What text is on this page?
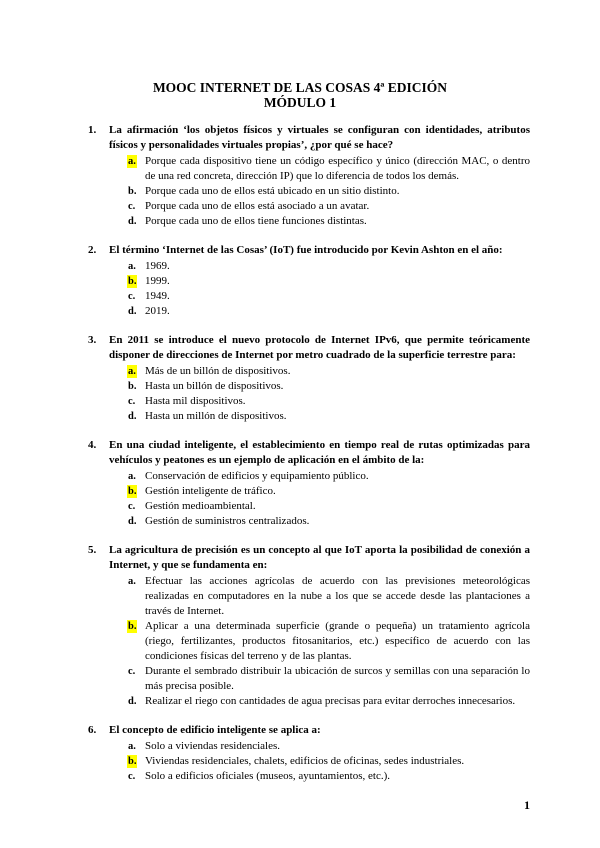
MOOC INTERNET DE LAS COSAS 4ª EDICIÓN
MÓDULO 1
1. La afirmación ‘los objetos físicos y virtuales se configuran con identidades, atributos físicos y personalidades virtuales propias’, ¿por qué se hace?
a. Porque cada dispositivo tiene un código específico y único (dirección MAC, o dentro de una red concreta, dirección IP) que lo diferencia de todos los demás.
b. Porque cada uno de ellos está ubicado en un sitio distinto.
c. Porque cada uno de ellos está asociado a un avatar.
d. Porque cada uno de ellos tiene funciones distintas.
2. El término ‘Internet de las Cosas’ (IoT) fue introducido por Kevin Ashton en el año:
a. 1969.
b. 1999.
c. 1949.
d. 2019.
3. En 2011 se introduce el nuevo protocolo de Internet IPv6, que permite teóricamente disponer de direcciones de Internet por metro cuadrado de la superficie terrestre para:
a. Más de un billón de dispositivos.
b. Hasta un billón de dispositivos.
c. Hasta mil dispositivos.
d. Hasta un millón de dispositivos.
4. En una ciudad inteligente, el establecimiento en tiempo real de rutas optimizadas para vehículos y peatones es un ejemplo de aplicación en el ámbito de la:
a. Conservación de edificios y equipamiento público.
b. Gestión inteligente de tráfico.
c. Gestión medioambiental.
d. Gestión de suministros centralizados.
5. La agricultura de precisión es un concepto al que IoT aporta la posibilidad de conexión a Internet, y que se fundamenta en:
a. Efectuar las acciones agrícolas de acuerdo con las previsiones meteorológicas realizadas en computadores en la nube a los que se accede desde las plantaciones a través de Internet.
b. Aplicar a una determinada superficie (grande o pequeña) un tratamiento agrícola (riego, fertilizantes, productos fitosanitarios, etc.) específico de acuerdo con las condiciones físicas del terreno y de las plantas.
c. Durante el sembrado distribuir la ubicación de surcos y semillas con una separación lo más precisa posible.
d. Realizar el riego con cantidades de agua precisas para evitar derroches innecesarios.
6. El concepto de edificio inteligente se aplica a:
a. Solo a viviendas residenciales.
b. Viviendas residenciales, chalets, edificios de oficinas, sedes industriales.
c. Solo a edificios oficiales (museos, ayuntamientos, etc.).
1
